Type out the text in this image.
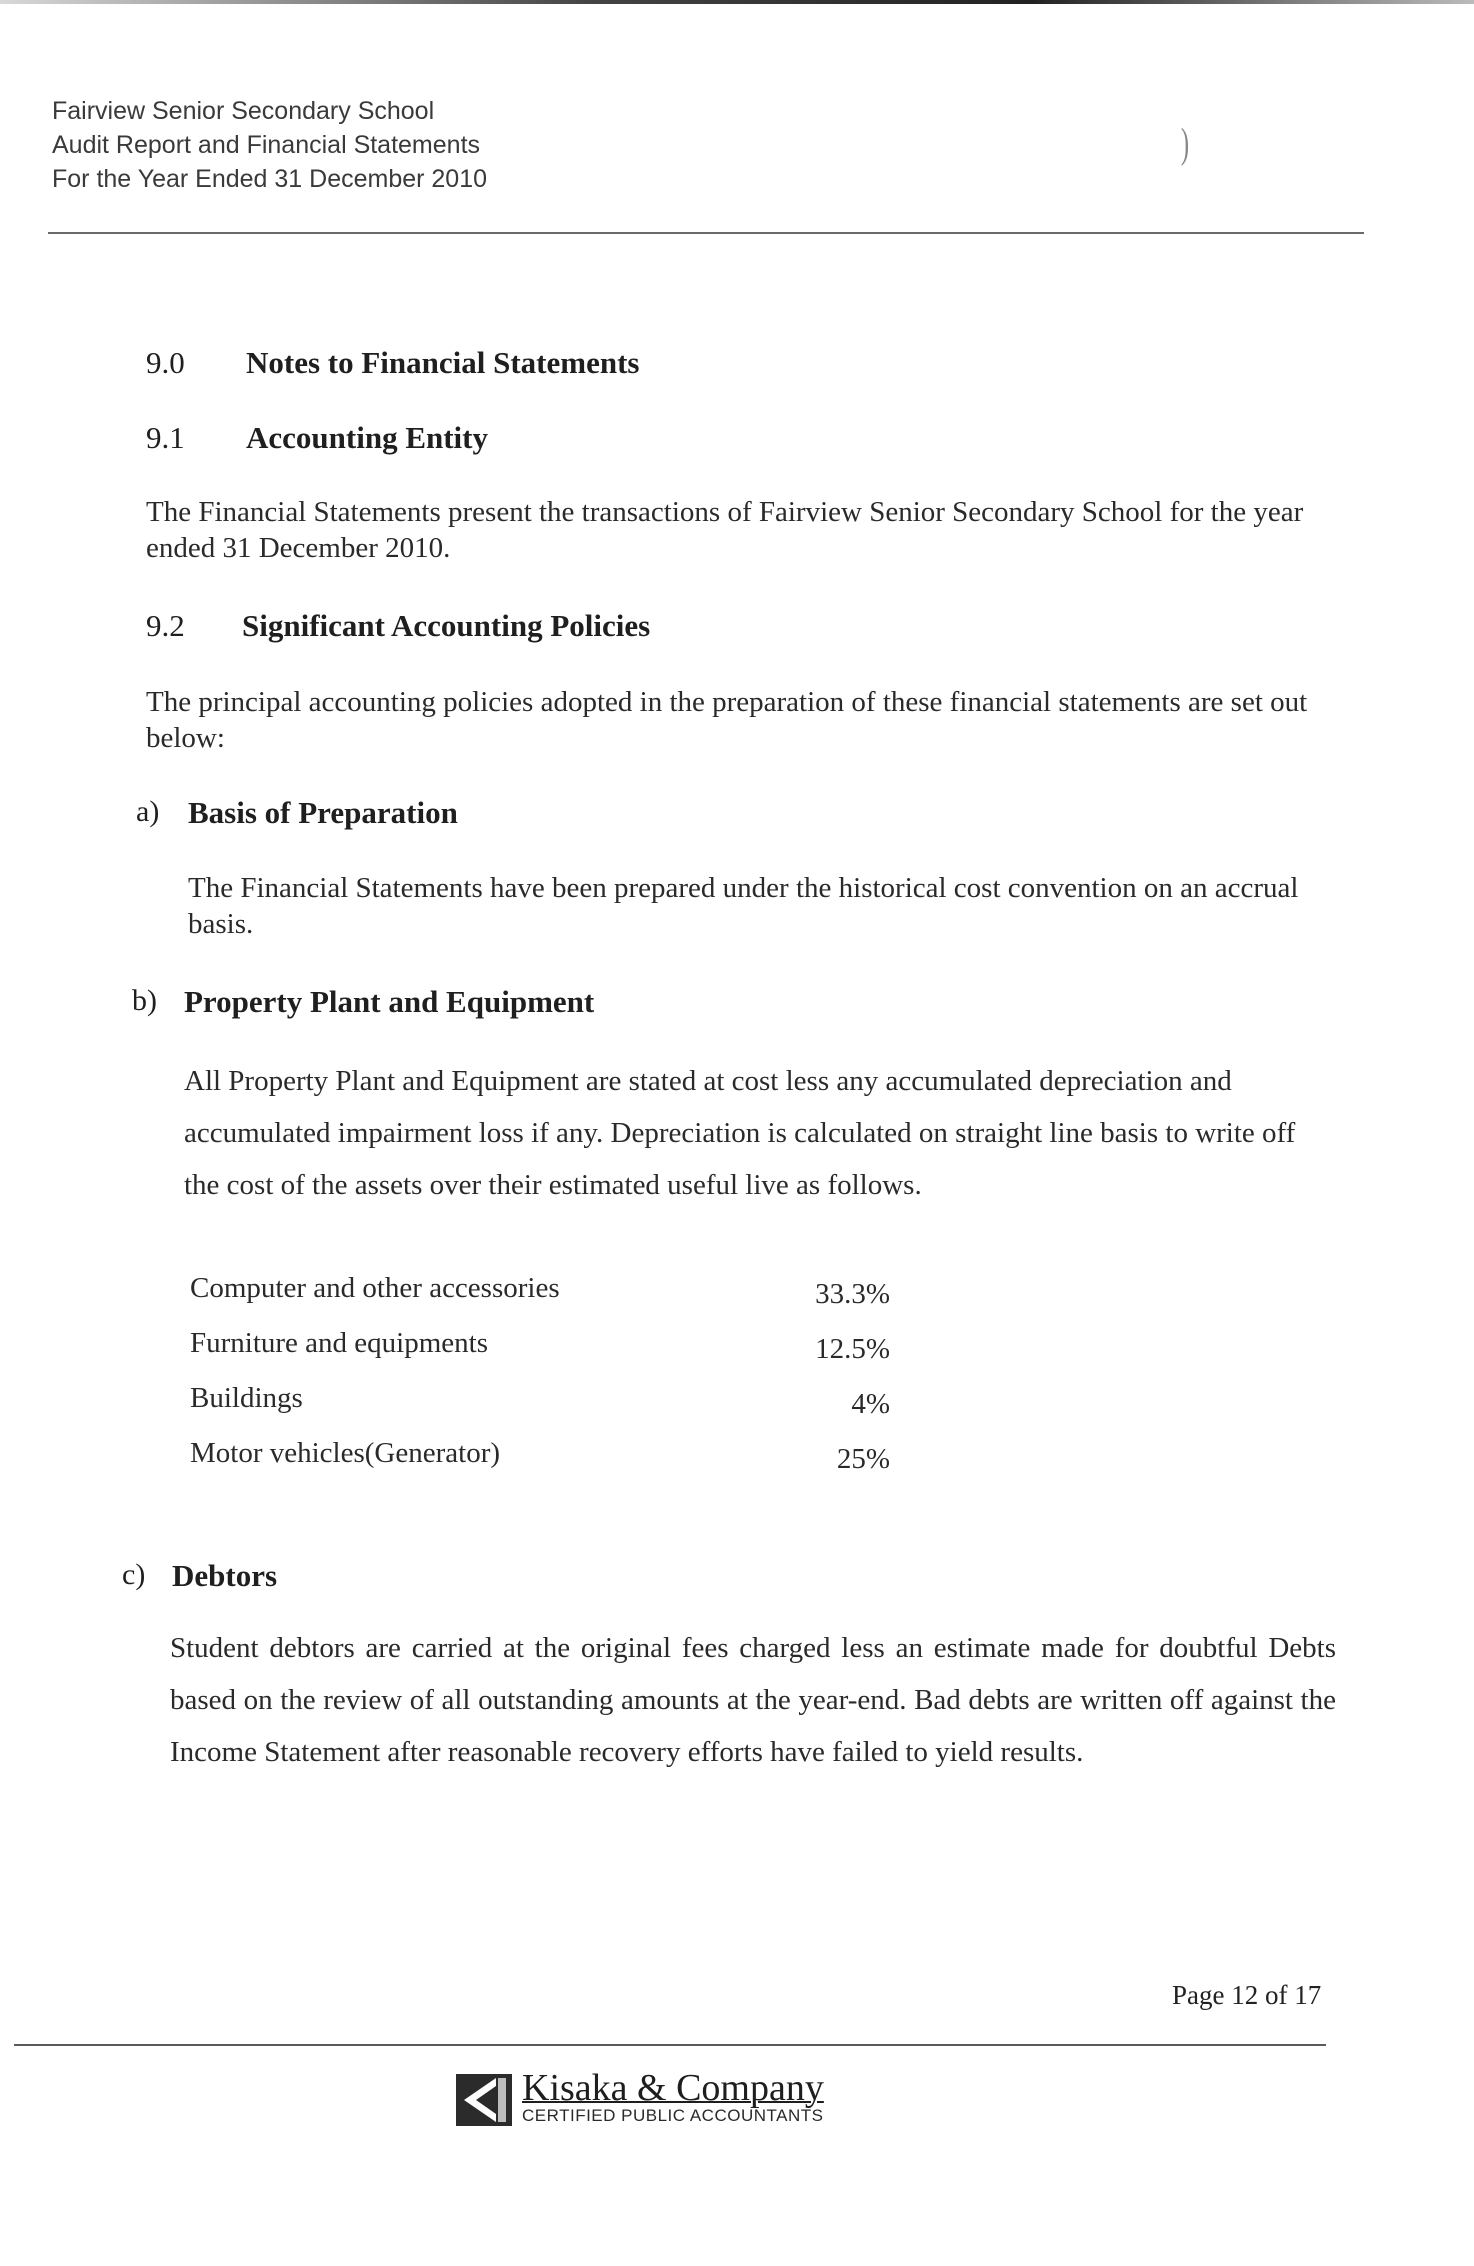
Fairview Senior Secondary School
Audit Report and Financial Statements
For the Year Ended 31 December 2010
)
9.0 Notes to Financial Statements
9.1 Accounting Entity
The Financial Statements present the transactions of Fairview Senior Secondary School for the year ended 31 December 2010.
9.2 Significant Accounting Policies
The principal accounting policies adopted in the preparation of these financial statements are set out below:
a) Basis of Preparation
The Financial Statements have been prepared under the historical cost convention on an accrual basis.
b) Property Plant and Equipment
All Property Plant and Equipment are stated at cost less any accumulated depreciation and accumulated impairment loss if any. Depreciation is calculated on straight line basis to write off the cost of the assets over their estimated useful live as follows.
Computer and other accessories	33.3%
Furniture and equipments	12.5%
Buildings	4%
Motor vehicles(Generator)	25%
c) Debtors
Student debtors are carried at the original fees charged less an estimate made for doubtful Debts based on the review of all outstanding amounts at the year-end. Bad debts are written off against the Income Statement after reasonable recovery efforts have failed to yield results.
Page 12 of 17
Kisaka & Company
CERTIFIED PUBLIC ACCOUNTANTS
